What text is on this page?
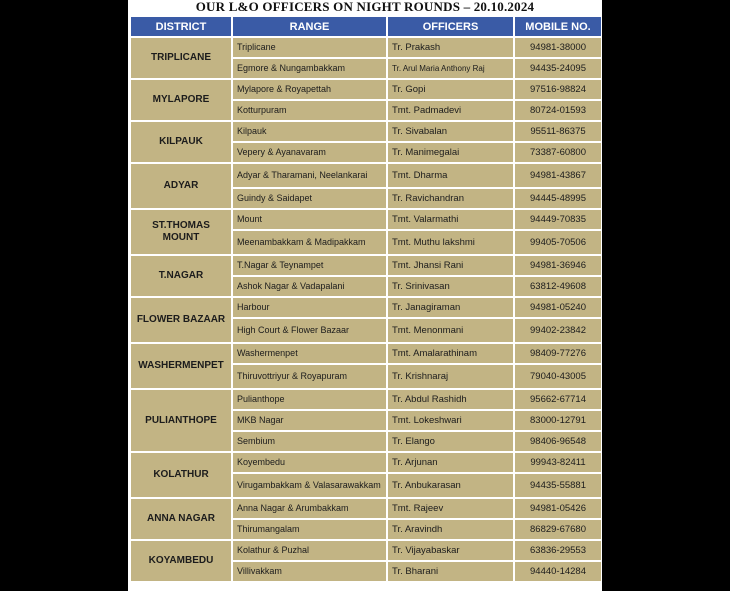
OUR L&O OFFICERS ON NIGHT ROUNDS – 20.10.2024
DISTRICT	RANGE	OFFICERS	MOBILE NO.
TRIPLICANE	Triplicane	Tr. Prakash	94981-38000
	Egmore & Nungambakkam	Tr. Arul Maria Anthony Raj	94435-24095
MYLAPORE	Mylapore & Royapettah	Tr. Gopi	97516-98824
	Kotturpuram	Tmt. Padmadevi	80724-01593
KILPAUK	Kilpauk	Tr. Sivabalan	95511-86375
	Vepery & Ayanavaram	Tr. Manimegalai	73387-60800
ADYAR	Adyar & Tharamani, Neelankarai	Tmt. Dharma	94981-43867
	Guindy & Saidapet	Tr. Ravichandran	94445-48995
ST.THOMAS MOUNT	Mount	Tmt. Valarmathi	94449-70835
	Meenambakkam & Madipakkam	Tmt. Muthu lakshmi	99405-70506
T.NAGAR	T.Nagar & Teynampet	Tmt. Jhansi Rani	94981-36946
	Ashok Nagar & Vadapalani	Tr. Srinivasan	63812-49608
FLOWER BAZAAR	Harbour	Tr. Janagiraman	94981-05240
	High Court & Flower Bazaar	Tmt. Menonmani	99402-23842
WASHERMENPET	Washermenpet	Tmt. Amalarathinam	98409-77276
	Thiruvottriyur & Royapuram	Tr. Krishnaraj	79040-43005
PULIANTHOPE	Pulianthope	Tr. Abdul Rashidh	95662-67714
	MKB Nagar	Tmt. Lokeshwari	83000-12791
	Sembium	Tr. Elango	98406-96548
KOLATHUR	Koyembedu	Tr. Arjunan	99943-82411
	Virugambakkam & Valasarawakkam	Tr. Anbukarasan	94435-55881
ANNA NAGAR	Anna Nagar & Arumbakkam	Tmt. Rajeev	94981-05426
	Thirumangalam	Tr. Aravindh	86829-67680
KOYAMBEDU	Kolathur & Puzhal	Tr. Vijayabaskar	63836-29553
	Villivakkam	Tr. Bharani	94440-14284
